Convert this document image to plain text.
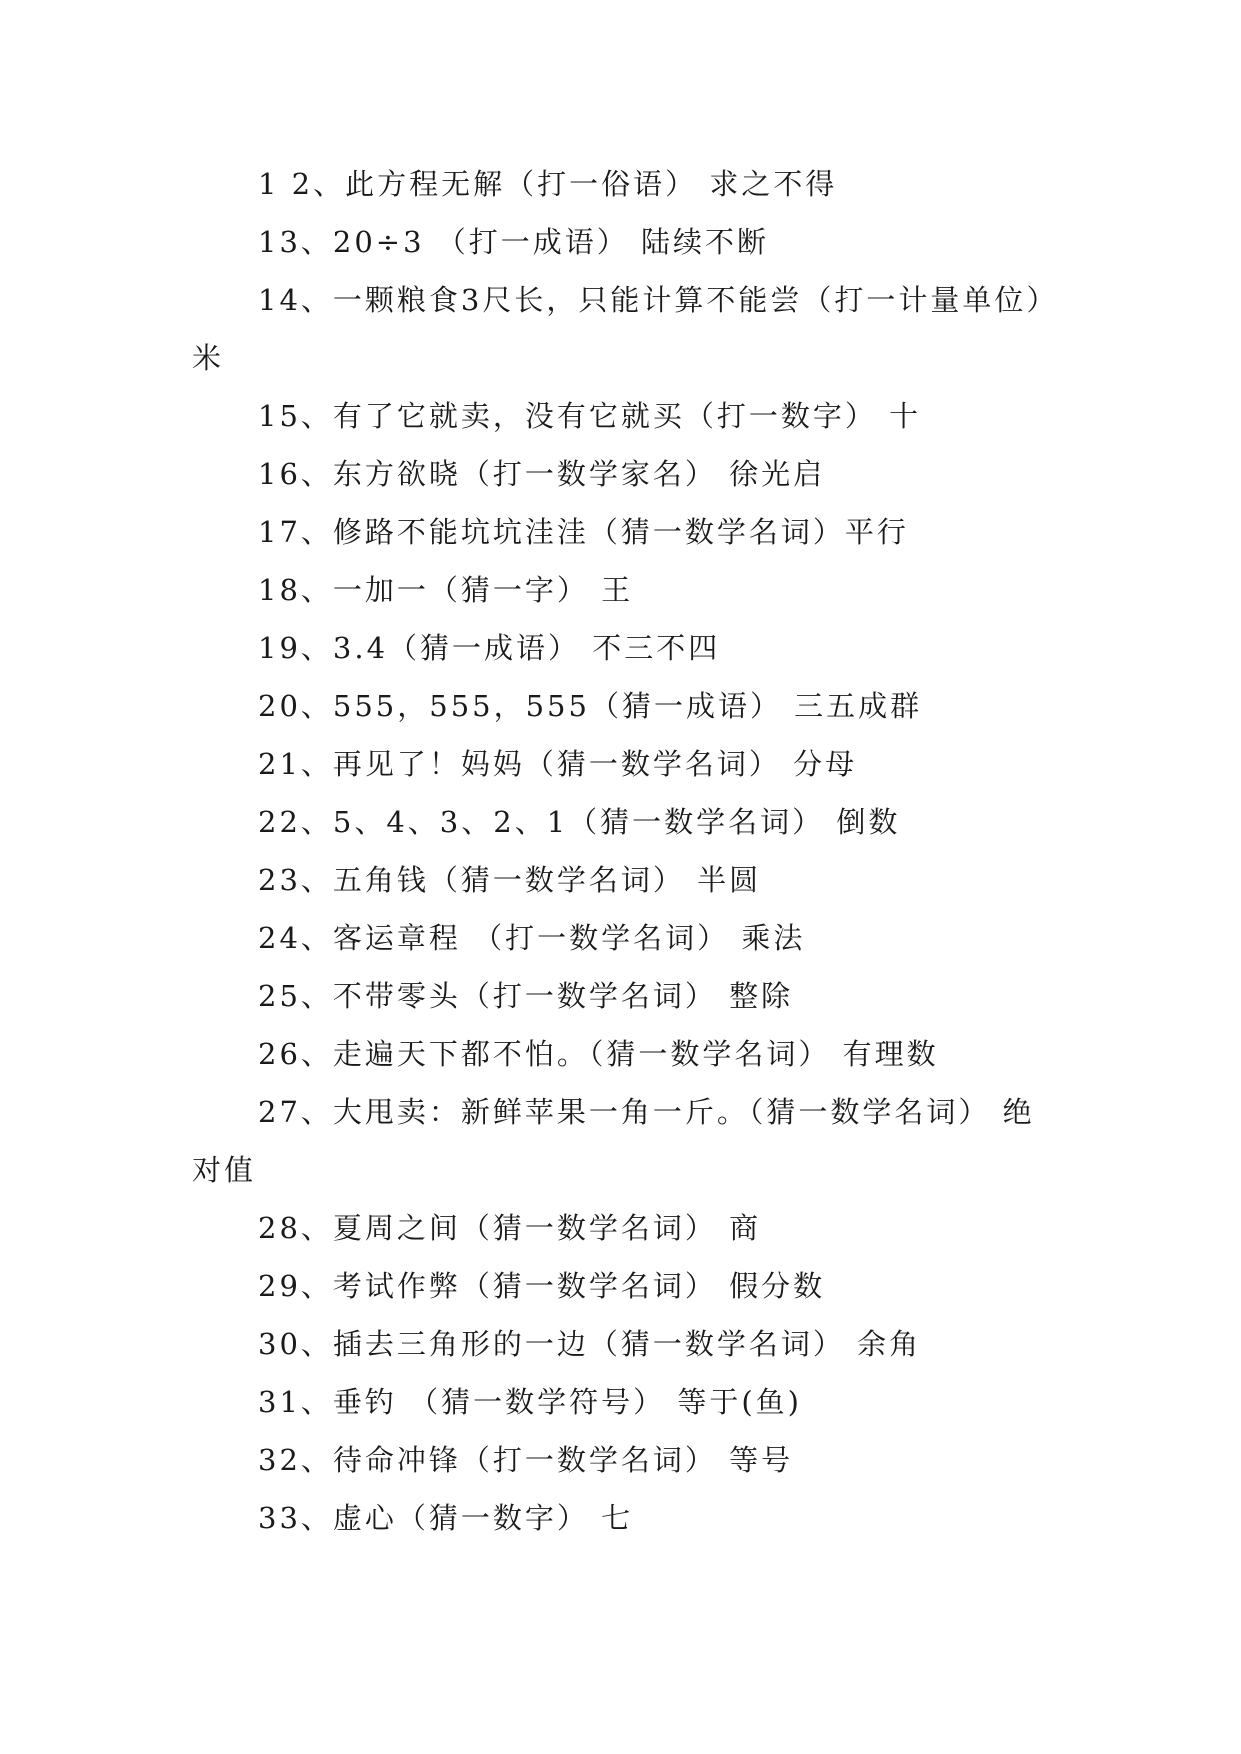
1 2、此方程无解（打一俗语） 求之不得

13、20÷3 （打一成语） 陆续不断

14、一颗粮食3尺长，只能计算不能尝（打一计量单位）米

15、有了它就卖，没有它就买（打一数字） 十

16、东方欲晓（打一数学家名） 徐光启

17、修路不能坑坑洼洼（猜一数学名词）平行

18、一加一（猜一字） 王

19、3.4（猜一成语） 不三不四

20、555，555，555（猜一成语） 三五成群

21、再见了！妈妈（猜一数学名词） 分母

22、5、4、3、2、1（猜一数学名词） 倒数

23、五角钱（猜一数学名词） 半圆

24、客运章程 （打一数学名词） 乘法

25、不带零头（打一数学名词） 整除

26、走遍天下都不怕。（猜一数学名词） 有理数

27、大甩卖：新鲜苹果一角一斤。（猜一数学名词） 绝对值

28、夏周之间（猜一数学名词） 商

29、考试作弊（猜一数学名词） 假分数

30、插去三角形的一边（猜一数学名词） 余角

31、垂钓 （猜一数学符号） 等于(鱼)

32、待命冲锋（打一数学名词） 等号

33、虚心（猜一数字） 七
